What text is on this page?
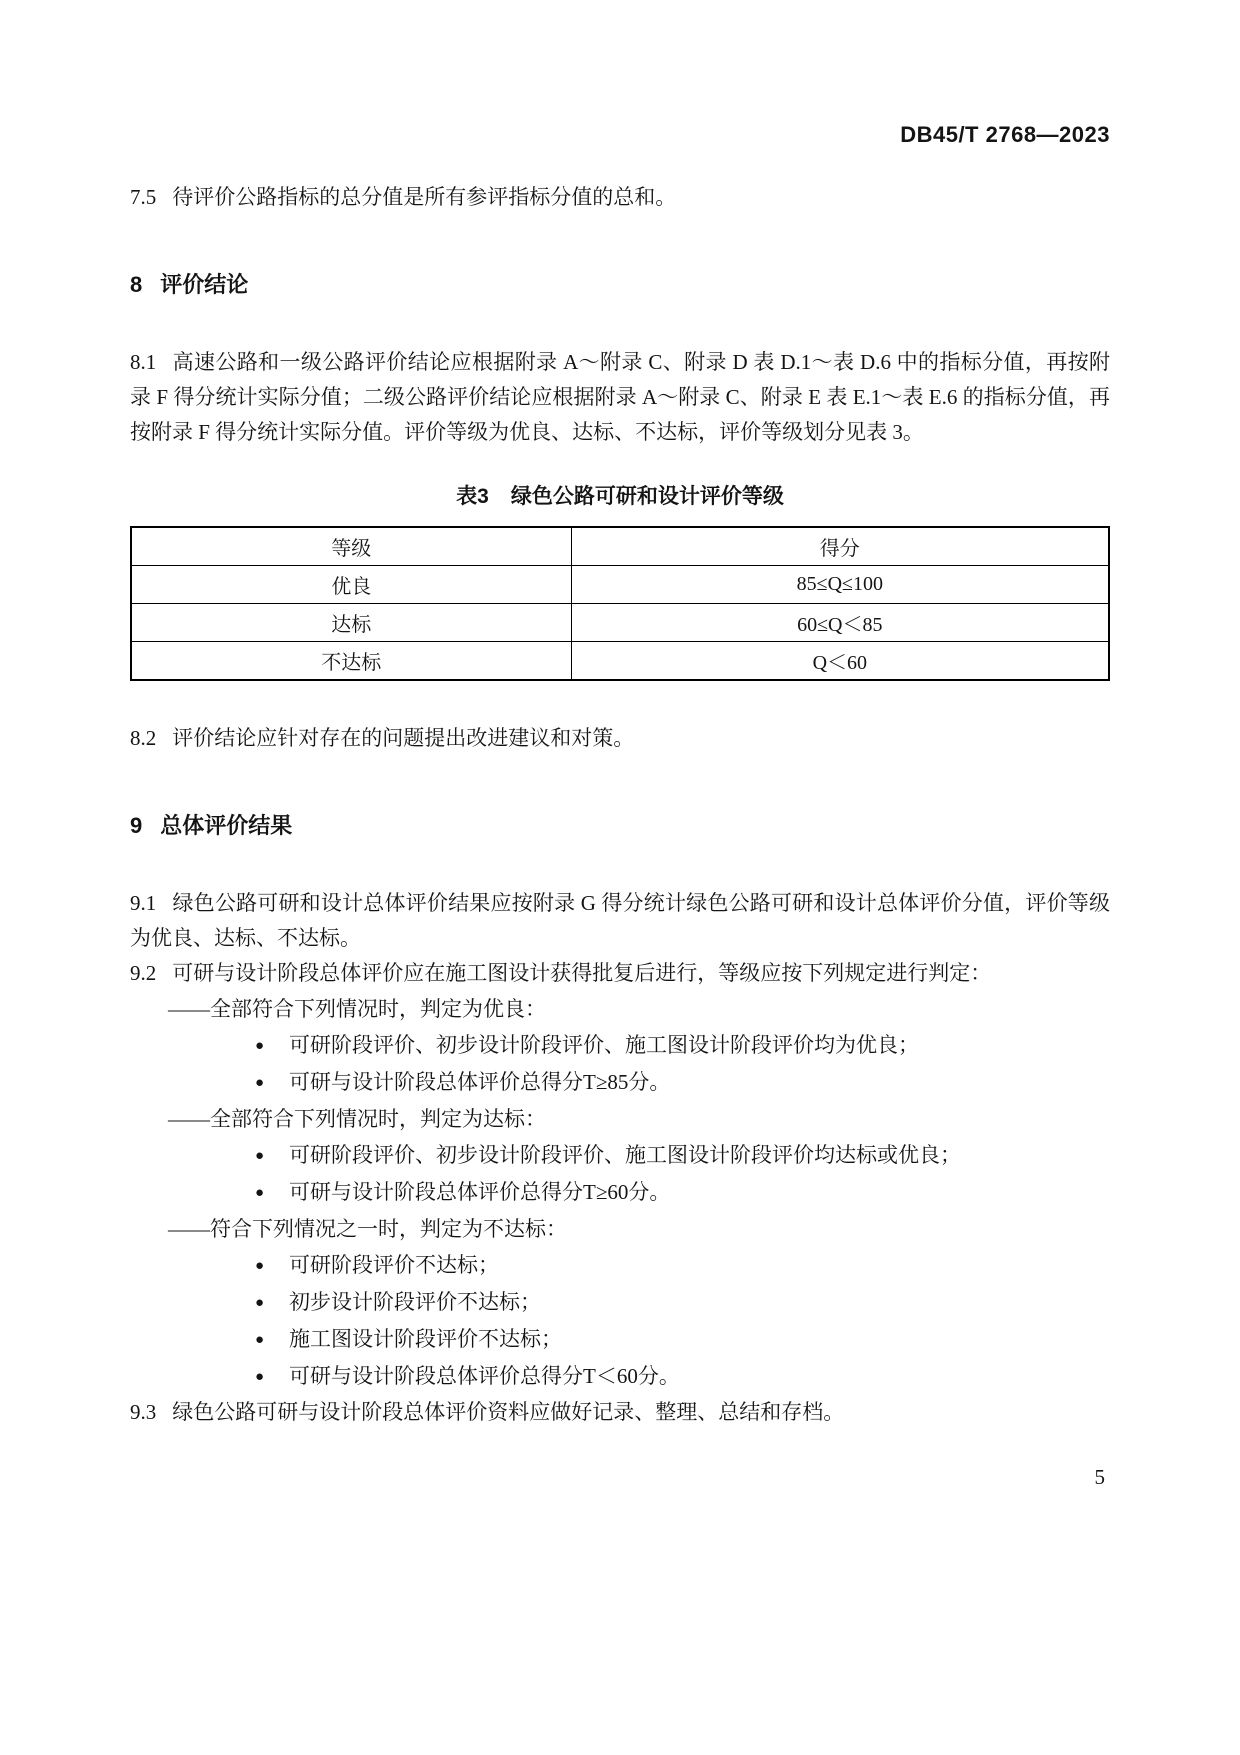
DB45/T 2768—2023
7.5 待评价公路指标的总分值是所有参评指标分值的总和。
8 评价结论
8.1 高速公路和一级公路评价结论应根据附录 A～附录 C、附录 D 表 D.1～表 D.6 中的指标分值，再按附录 F 得分统计实际分值；二级公路评价结论应根据附录 A～附录 C、附录 E 表 E.1～表 E.6 的指标分值，再按附录 F 得分统计实际分值。评价等级为优良、达标、不达标，评价等级划分见表 3。
表3 绿色公路可研和设计评价等级
等级	得分
优良	85≤Q≤100
达标	60≤Q＜85
不达标	Q＜60
8.2 评价结论应针对存在的问题提出改进建议和对策。
9 总体评价结果
9.1 绿色公路可研和设计总体评价结果应按附录 G 得分统计绿色公路可研和设计总体评价分值，评价等级为优良、达标、不达标。
9.2 可研与设计阶段总体评价应在施工图设计获得批复后进行，等级应按下列规定进行判定：
——全部符合下列情况时，判定为优良：
●可研阶段评价、初步设计阶段评价、施工图设计阶段评价均为优良；
●可研与设计阶段总体评价总得分T≥85分。
——全部符合下列情况时，判定为达标：
●可研阶段评价、初步设计阶段评价、施工图设计阶段评价均达标或优良；
●可研与设计阶段总体评价总得分T≥60分。
——符合下列情况之一时，判定为不达标：
●可研阶段评价不达标；
●初步设计阶段评价不达标；
●施工图设计阶段评价不达标；
●可研与设计阶段总体评价总得分T＜60分。
9.3 绿色公路可研与设计阶段总体评价资料应做好记录、整理、总结和存档。
5
